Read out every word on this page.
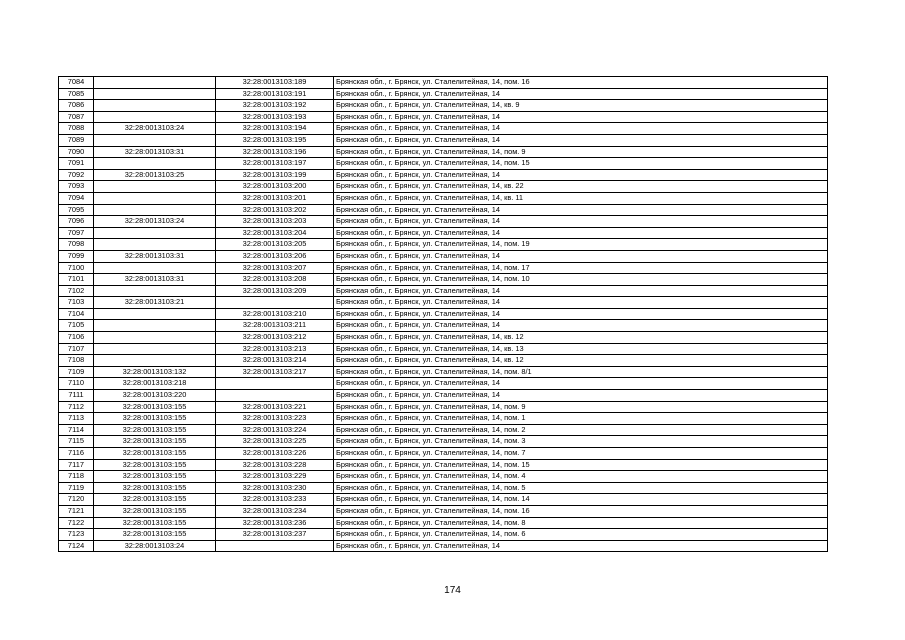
7084		32:28:0013103:189	Брянская обл., г. Брянск, ул. Сталелитейная, 14, пом. 16
7085		32:28:0013103:191	Брянская обл., г. Брянск, ул. Сталелитейная, 14
7086		32:28:0013103:192	Брянская обл., г. Брянск, ул. Сталелитейная, 14, кв. 9
7087		32:28:0013103:193	Брянская обл., г. Брянск, ул. Сталелитейная, 14
7088	32:28:0013103:24	32:28:0013103:194	Брянская обл., г. Брянск, ул. Сталелитейная, 14
7089		32:28:0013103:195	Брянская обл., г. Брянск, ул. Сталелитейная, 14
7090	32:28:0013103:31	32:28:0013103:196	Брянская обл., г. Брянск, ул. Сталелитейная, 14, пом. 9
7091		32:28:0013103:197	Брянская обл., г. Брянск, ул. Сталелитейная, 14, пом. 15
7092	32:28:0013103:25	32:28:0013103:199	Брянская обл., г. Брянск, ул. Сталелитейная, 14
7093		32:28:0013103:200	Брянская обл., г. Брянск, ул. Сталелитейная, 14, кв. 22
7094		32:28:0013103:201	Брянская обл., г. Брянск, ул. Сталелитейная, 14, кв. 11
7095		32:28:0013103:202	Брянская обл., г. Брянск, ул. Сталелитейная, 14
7096	32:28:0013103:24	32:28:0013103:203	Брянская обл., г. Брянск, ул. Сталелитейная, 14
7097		32:28:0013103:204	Брянская обл., г. Брянск, ул. Сталелитейная, 14
7098		32:28:0013103:205	Брянская обл., г. Брянск, ул. Сталелитейная, 14, пом. 19
7099	32:28:0013103:31	32:28:0013103:206	Брянская обл., г. Брянск, ул. Сталелитейная, 14
7100		32:28:0013103:207	Брянская обл., г. Брянск, ул. Сталелитейная, 14, пом. 17
7101	32:28:0013103:31	32:28:0013103:208	Брянская обл., г. Брянск, ул. Сталелитейная, 14, пом. 10
7102		32:28:0013103:209	Брянская обл., г. Брянск, ул. Сталелитейная, 14
7103	32:28:0013103:21		Брянская обл., г. Брянск, ул. Сталелитейная, 14
7104		32:28:0013103:210	Брянская обл., г. Брянск, ул. Сталелитейная, 14
7105		32:28:0013103:211	Брянская обл., г. Брянск, ул. Сталелитейная, 14
7106		32:28:0013103:212	Брянская обл., г. Брянск, ул. Сталелитейная, 14, кв. 12
7107		32:28:0013103:213	Брянская обл., г. Брянск, ул. Сталелитейная, 14, кв. 13
7108		32:28:0013103:214	Брянская обл., г. Брянск, ул. Сталелитейная, 14, кв. 12
7109	32:28:0013103:132	32:28:0013103:217	Брянская обл., г. Брянск, ул. Сталелитейная, 14, пом. 8/1
7110	32:28:0013103:218		Брянская обл., г. Брянск, ул. Сталелитейная, 14
7111	32:28:0013103:220		Брянская обл., г. Брянск, ул. Сталелитейная, 14
7112	32:28:0013103:155	32:28:0013103:221	Брянская обл., г. Брянск, ул. Сталелитейная, 14, пом. 9
7113	32:28:0013103:155	32:28:0013103:223	Брянская обл., г. Брянск, ул. Сталелитейная, 14, пом. 1
7114	32:28:0013103:155	32:28:0013103:224	Брянская обл., г. Брянск, ул. Сталелитейная, 14, пом. 2
7115	32:28:0013103:155	32:28:0013103:225	Брянская обл., г. Брянск, ул. Сталелитейная, 14, пом. 3
7116	32:28:0013103:155	32:28:0013103:226	Брянская обл., г. Брянск, ул. Сталелитейная, 14, пом. 7
7117	32:28:0013103:155	32:28:0013103:228	Брянская обл., г. Брянск, ул. Сталелитейная, 14, пом. 15
7118	32:28:0013103:155	32:28:0013103:229	Брянская обл., г. Брянск, ул. Сталелитейная, 14, пом. 4
7119	32:28:0013103:155	32:28:0013103:230	Брянская обл., г. Брянск, ул. Сталелитейная, 14, пом. 5
7120	32:28:0013103:155	32:28:0013103:233	Брянская обл., г. Брянск, ул. Сталелитейная, 14, пом. 14
7121	32:28:0013103:155	32:28:0013103:234	Брянская обл., г. Брянск, ул. Сталелитейная, 14, пом. 16
7122	32:28:0013103:155	32:28:0013103:236	Брянская обл., г. Брянск, ул. Сталелитейная, 14, пом. 8
7123	32:28:0013103:155	32:28:0013103:237	Брянская обл., г. Брянск, ул. Сталелитейная, 14, пом. 6
7124	32:28:0013103:24		Брянская обл., г. Брянск, ул. Сталелитейная, 14
174
